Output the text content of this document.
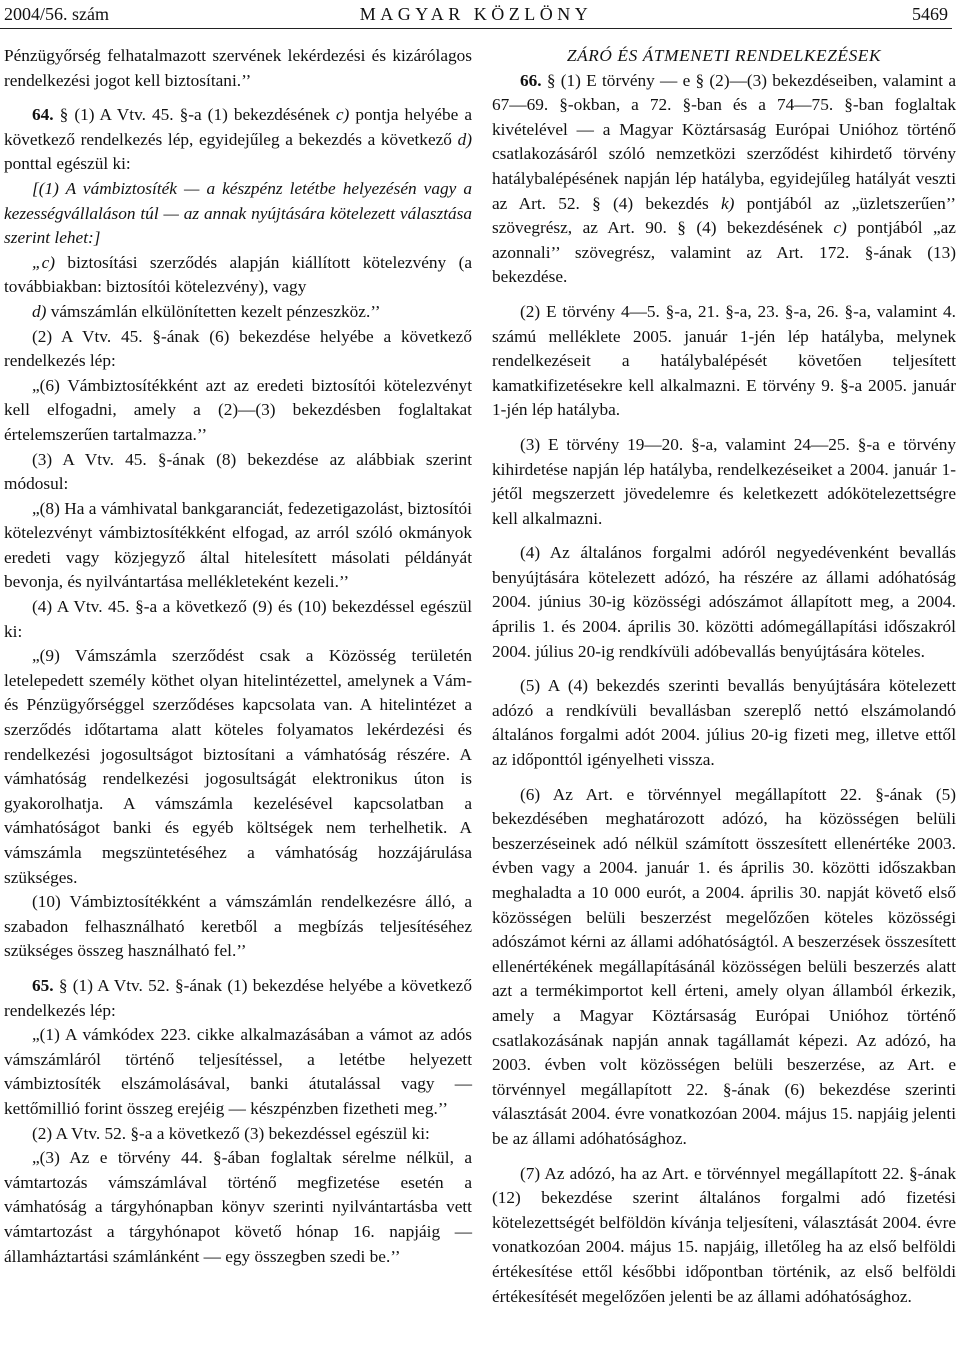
2004/56. szám	MAGYAR KÖZLÖNY	5469

Pénzügyőrség felhatalmazott szervének lekérdezési és kizárólagos rendelkezési jogot kell biztosítani.’’

64. § (1) A Vtv. 45. §-a (1) bekezdésének c) pontja helyébe a következő rendelkezés lép, egyidejűleg a bekezdés a következő d) ponttal egészül ki:

[(1) A vámbiztosíték — a készpénz letétbe helyezésén vagy a kezességvállaláson túl — az annak nyújtására kötelezett választása szerint lehet:]

„c) biztosítási szerződés alapján kiállított kötelezvény (a továbbiakban: biztosítói kötelezvény), vagy

d) vámszámlán elkülönítetten kezelt pénzeszköz.’’

(2) A Vtv. 45. §-ának (6) bekezdése helyébe a következő rendelkezés lép:

„(6) Vámbiztosítékként azt az eredeti biztosítói kötelezvényt kell elfogadni, amely a (2)—(3) bekezdésben foglaltakat értelemszerűen tartalmazza.’’

(3) A Vtv. 45. §-ának (8) bekezdése az alábbiak szerint módosul:

„(8) Ha a vámhivatal bankgaranciát, fedezetigazolást, biztosítói kötelezvényt vámbiztosítékként elfogad, az arról szóló okmányok eredeti vagy közjegyző által hitelesített másolati példányát bevonja, és nyilvántartása mellékleteként kezeli.’’

(4) A Vtv. 45. §-a a következő (9) és (10) bekezdéssel egészül ki:

„(9) Vámszámla szerződést csak a Közösség területén letelepedett személy köthet olyan hitelintézettel, amelynek a Vám- és Pénzügyőrséggel szerződéses kapcsolata van. A hitelintézet a szerződés időtartama alatt köteles folyamatos lekérdezési és rendelkezési jogosultságot biztosítani a vámhatóság részére. A vámhatóság rendelkezési jogosultságát elektronikus úton is gyakorolhatja. A vámszámla kezelésével kapcsolatban a vámhatóságot banki és egyéb költségek nem terhelhetik. A vámszámla megszüntetéséhez a vámhatóság hozzájárulása szükséges.

(10) Vámbiztosítékként a vámszámlán rendelkezésre álló, a szabadon felhasználható keretből a megbízás teljesítéséhez szükséges összeg használható fel.’’

65. § (1) A Vtv. 52. §-ának (1) bekezdése helyébe a következő rendelkezés lép:

„(1) A vámkódex 223. cikke alkalmazásában a vámot az adós vámszámláról történő teljesítéssel, a letétbe helyezett vámbiztosíték elszámolásával, banki átutalással vagy — kettőmillió forint összeg erejéig — készpénzben fizetheti meg.’’

(2) A Vtv. 52. §-a a következő (3) bekezdéssel egészül ki:

„(3) Az e törvény 44. §-ában foglaltak sérelme nélkül, a vámtartozás vámszámlával történő megfizetése esetén a vámhatóság a tárgyhónapban könyv szerinti nyilvántartásba vett vámtartozást a tárgyhónapot követő hónap 16. napjáig — államháztartási számlánként — egy összegben szedi be.’’

ZÁRÓ ÉS ÁTMENETI RENDELKEZÉSEK

66. § (1) E törvény — e § (2)—(3) bekezdéseiben, valamint a 67—69. §-okban, a 72. §-ban és a 74—75. §-ban foglaltak kivételével — a Magyar Köztársaság Európai Unióhoz történő csatlakozásáról szóló nemzetközi szerződést kihirdető törvény hatálybalépésének napján lép hatályba, egyidejűleg hatályát veszti az Art. 52. § (4) bekezdés k) pontjából az „üzletszerűen’’ szövegrész, az Art. 90. § (4) bekezdésének c) pontjából „az azonnali’’ szövegrész, valamint az Art. 172. §-ának (13) bekezdése.

(2) E törvény 4—5. §-a, 21. §-a, 23. §-a, 26. §-a, valamint 4. számú melléklete 2005. január 1-jén lép hatályba, melynek rendelkezéseit a hatálybalépését követően teljesített kamatkifizetésekre kell alkalmazni. E törvény 9. §-a 2005. január 1-jén lép hatályba.

(3) E törvény 19—20. §-a, valamint 24—25. §-a e törvény kihirdetése napján lép hatályba, rendelkezéseiket a 2004. január 1-jétől megszerzett jövedelemre és keletkezett adókötelezettségre kell alkalmazni.

(4) Az általános forgalmi adóról negyedévenként bevallás benyújtására kötelezett adózó, ha részére az állami adóhatóság 2004. június 30-ig közösségi adószámot állapított meg, a 2004. április 1. és 2004. április 30. közötti adómegállapítási időszakról 2004. július 20-ig rendkívüli adóbevallás benyújtására köteles.

(5) A (4) bekezdés szerinti bevallás benyújtására kötelezett adózó a rendkívüli bevallásban szereplő nettó elszámolandó általános forgalmi adót 2004. július 20-ig fizeti meg, illetve ettől az időponttól igényelheti vissza.

(6) Az Art. e törvénnyel megállapított 22. §-ának (5) bekezdésében meghatározott adózó, ha közösségen belüli beszerzéseinek adó nélkül számított összesített ellenértéke 2003. évben vagy a 2004. január 1. és április 30. közötti időszakban meghaladta a 10 000 eurót, a 2004. április 30. napját követő első közösségen belüli beszerzést megelőzően köteles közösségi adószámot kérni az állami adóhatóságtól. A beszerzések összesített ellenértékének megállapításánál közösségen belüli beszerzés alatt azt a termékimportot kell érteni, amely olyan államból érkezik, amely a Magyar Köztársaság Európai Unióhoz történő csatlakozásának napján annak tagállamát képezi. Az adózó, ha 2003. évben volt közösségen belüli beszerzése, az Art. e törvénnyel megállapított 22. §-ának (6) bekezdése szerinti választását 2004. évre vonatkozóan 2004. május 15. napjáig jelenti be az állami adóhatósághoz.

(7) Az adózó, ha az Art. e törvénnyel megállapított 22. §-ának (12) bekezdése szerint általános forgalmi adó fizetési kötelezettségét belföldön kívánja teljesíteni, választását 2004. évre vonatkozóan 2004. május 15. napjáig, illetőleg ha az első belföldi értékesítése ettől későbbi időpontban történik, az első belföldi értékesítését megelőzően jelenti be az állami adóhatósághoz.
